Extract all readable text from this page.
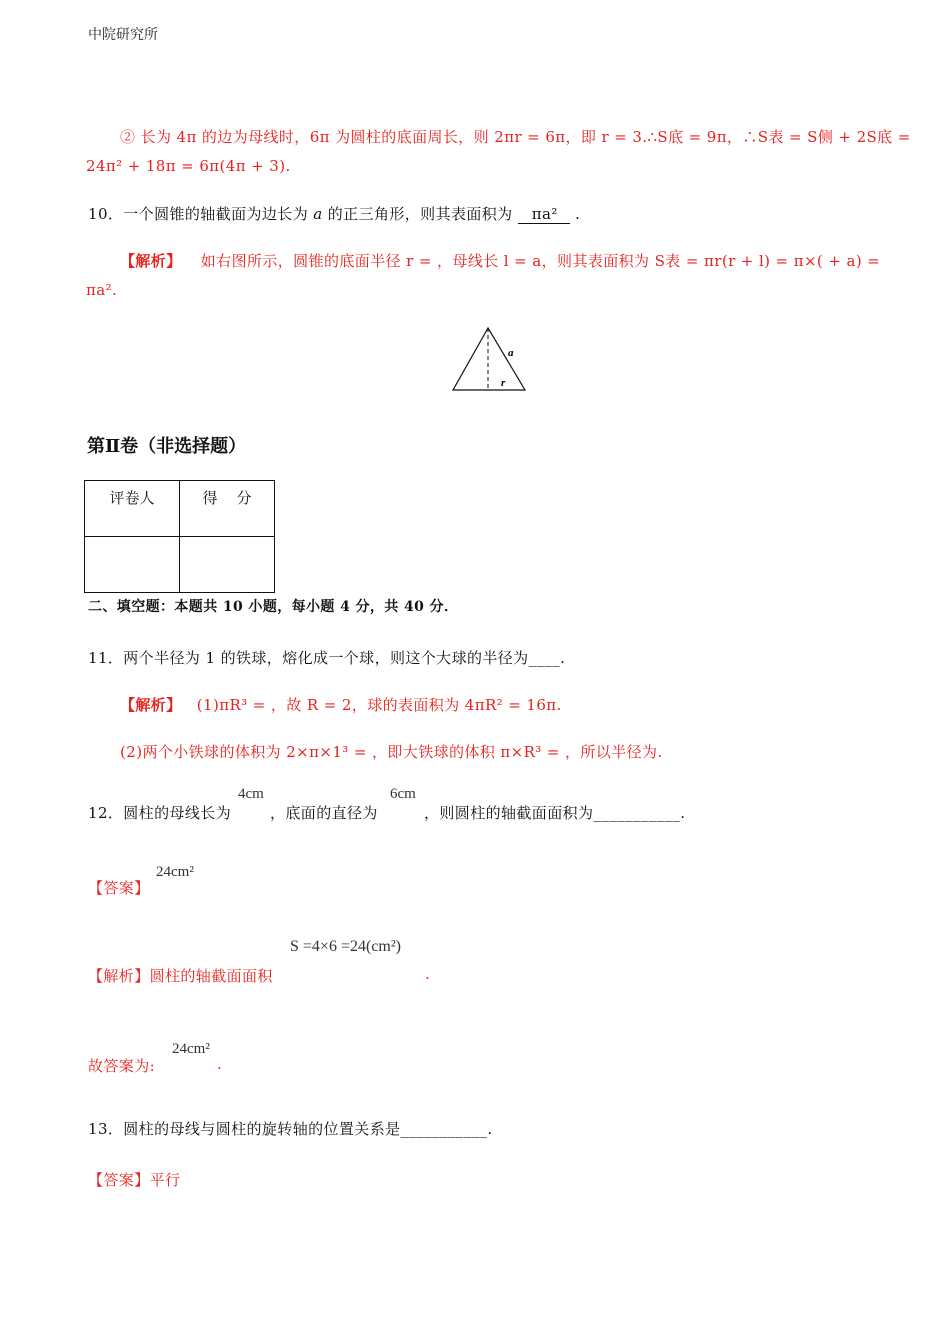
中院研究所
② 长为 4π 的边为母线时，6π 为圆柱的底面周长，则 2πr = 6π，即 r = 3.∴S底 = 9π，∴S表 = S侧 + 2S底 =
24π² + 18π = 6π(4π + 3).
10．一个圆锥的轴截面为边长为 a 的正三角形，则其表面积为 πa² .
【解析】 如右图所示，圆锥的底面半径 r = ，母线长 l = a，则其表面积为 S表 = πr(r + l) = π×( + a) =
πa².
a
r
第Ⅱ卷（非选择题）
评卷人	得    分

二、填空题：本题共 10 小题，每小题 4 分，共 40 分．
11．两个半径为 1 的铁球，熔化成一个球，则这个大球的半径为____.
【解析】 (1)πR³ = ，故 R = 2，球的表面积为 4πR² = 16π.
(2)两个小铁球的体积为 2×π×1³ = ，即大铁球的体积 π×R³ = ，所以半径为.
12．圆柱的母线长为
4cm
，底面的直径为
6cm
，则圆柱的轴截面面积为___________.
【答案】
24cm²
S =4×6 =24(cm²)
【解析】圆柱的轴截面面积	.
故答案为:
24cm²
.
13．圆柱的母线与圆柱的旋转轴的位置关系是___________.
【答案】平行
